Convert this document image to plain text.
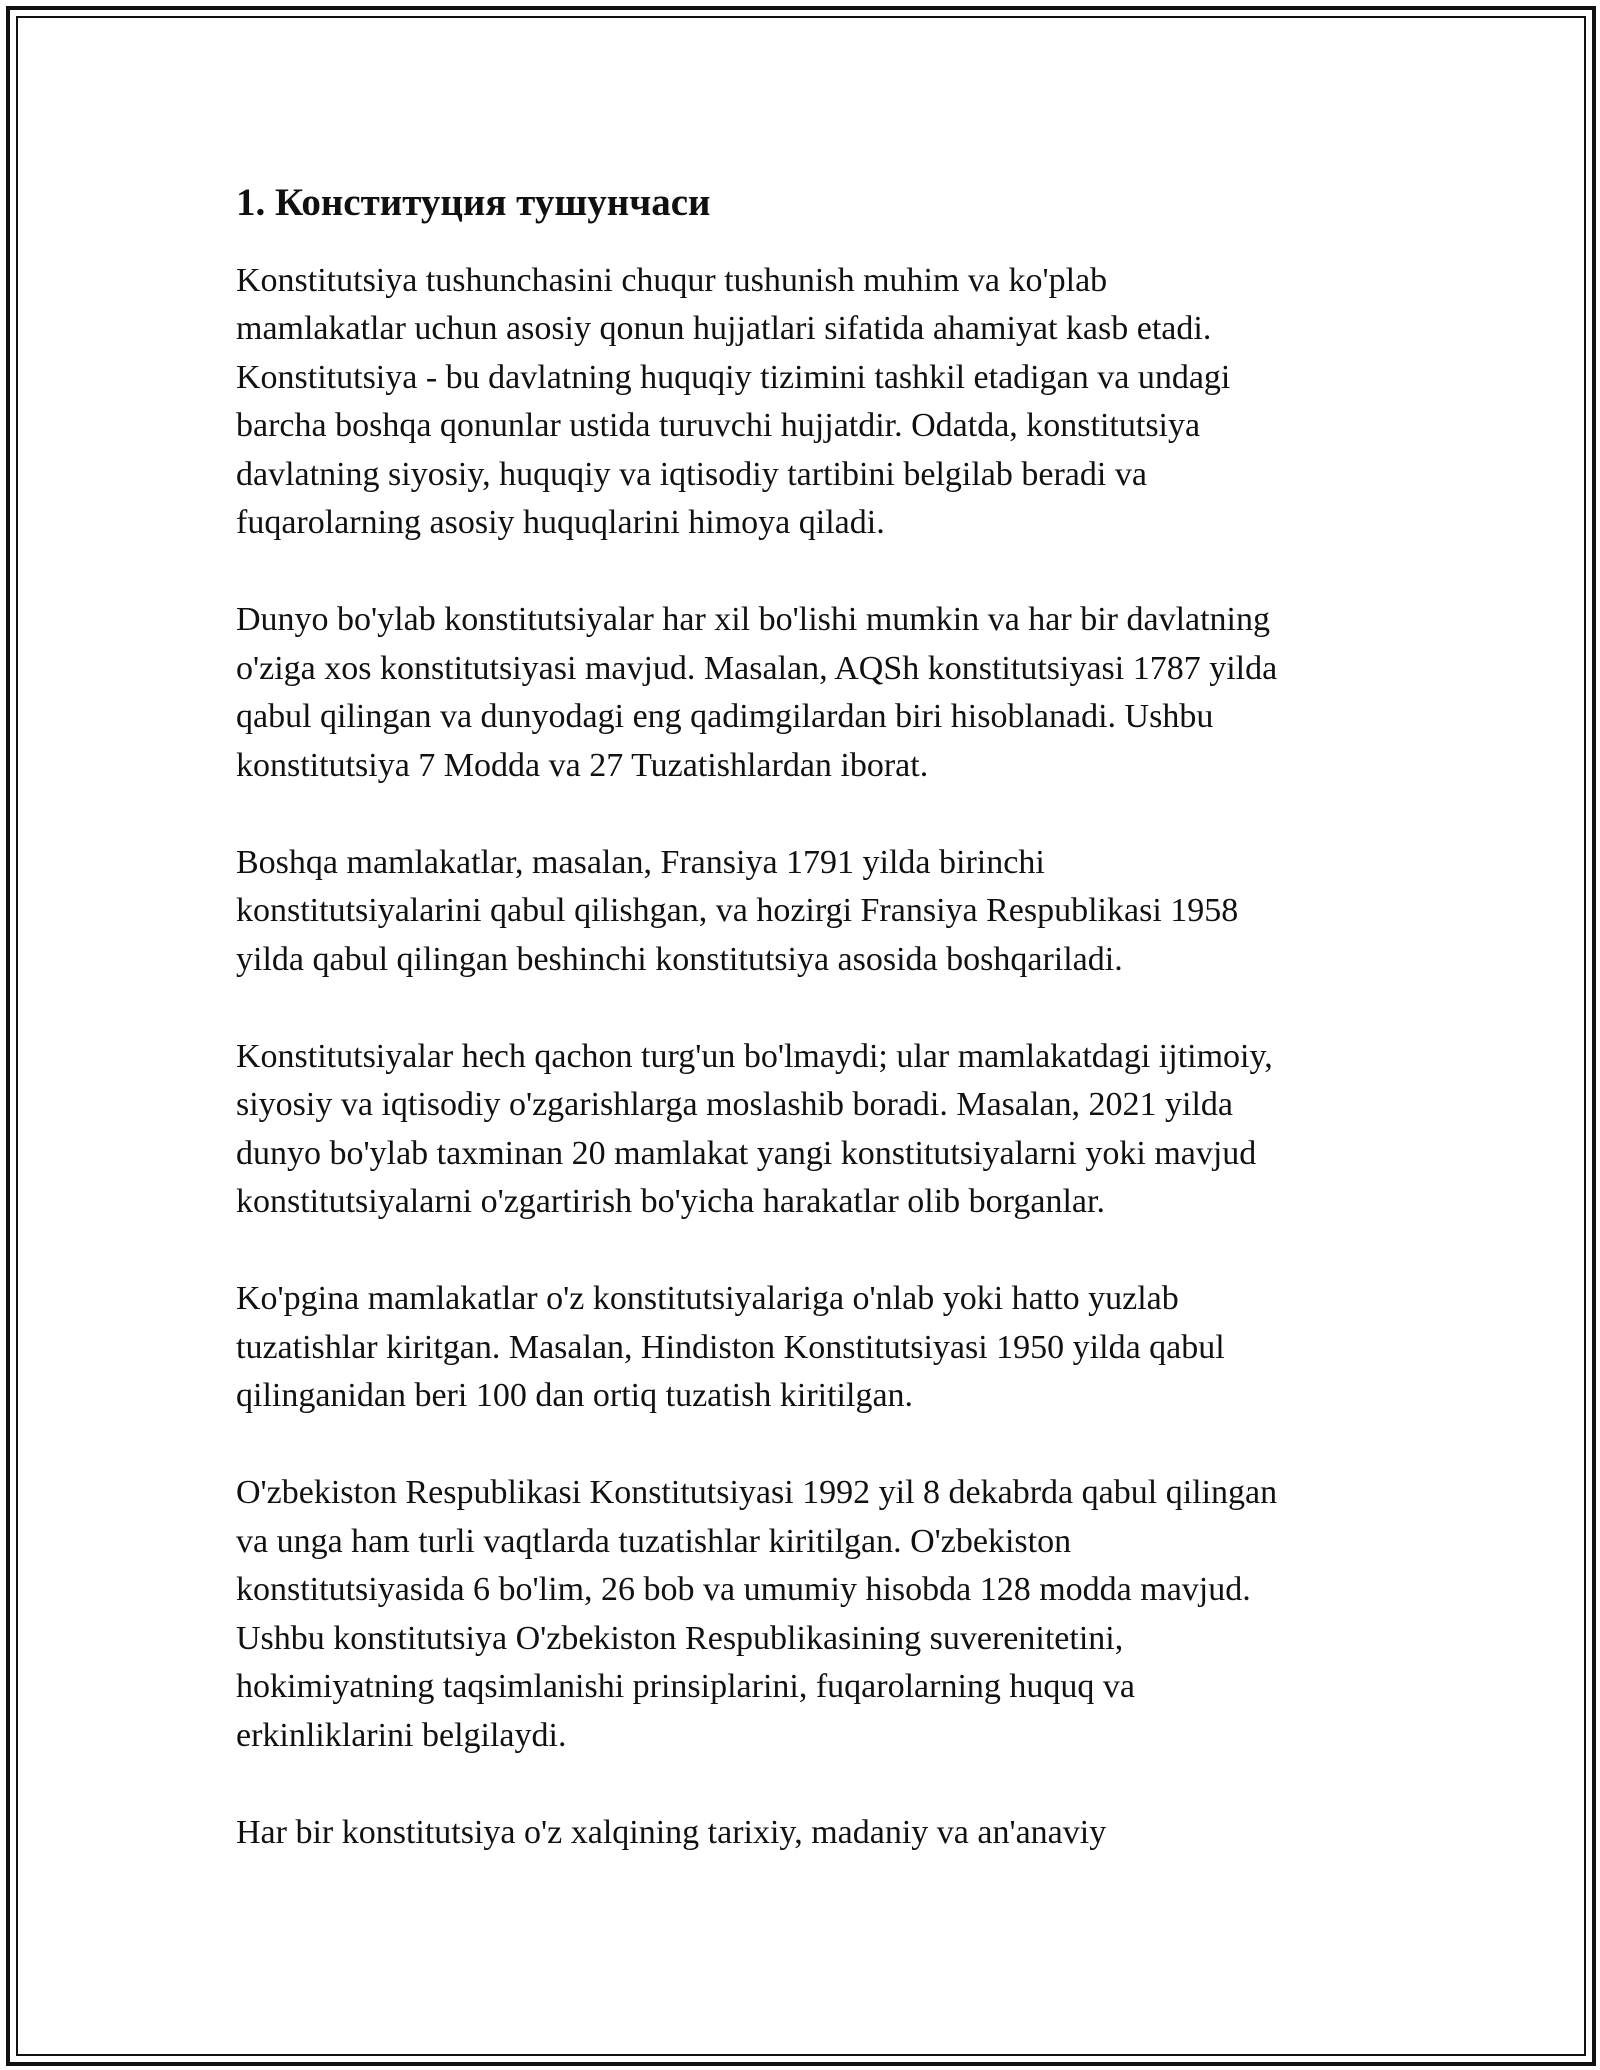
1. Конституция тушунчаси

Konstitutsiya tushunchasini chuqur tushunish muhim va ko'plab
mamlakatlar uchun asosiy qonun hujjatlari sifatida ahamiyat kasb etadi.
Konstitutsiya - bu davlatning huquqiy tizimini tashkil etadigan va undagi
barcha boshqa qonunlar ustida turuvchi hujjatdir. Odatda, konstitutsiya
davlatning siyosiy, huquqiy va iqtisodiy tartibini belgilab beradi va
fuqarolarning asosiy huquqlarini himoya qiladi.

Dunyo bo'ylab konstitutsiyalar har xil bo'lishi mumkin va har bir davlatning
o'ziga xos konstitutsiyasi mavjud. Masalan, AQSh konstitutsiyasi 1787 yilda
qabul qilingan va dunyodagi eng qadimgilardan biri hisoblanadi. Ushbu
konstitutsiya 7 Modda va 27 Tuzatishlardan iborat.

Boshqa mamlakatlar, masalan, Fransiya 1791 yilda birinchi
konstitutsiyalarini qabul qilishgan, va hozirgi Fransiya Respublikasi 1958
yilda qabul qilingan beshinchi konstitutsiya asosida boshqariladi.

Konstitutsiyalar hech qachon turg'un bo'lmaydi; ular mamlakatdagi ijtimoiy,
siyosiy va iqtisodiy o'zgarishlarga moslashib boradi. Masalan, 2021 yilda
dunyo bo'ylab taxminan 20 mamlakat yangi konstitutsiyalarni yoki mavjud
konstitutsiyalarni o'zgartirish bo'yicha harakatlar olib borganlar.

Ko'pgina mamlakatlar o'z konstitutsiyalariga o'nlab yoki hatto yuzlab
tuzatishlar kiritgan. Masalan, Hindiston Konstitutsiyasi 1950 yilda qabul
qilinganidan beri 100 dan ortiq tuzatish kiritilgan.

O'zbekiston Respublikasi Konstitutsiyasi 1992 yil 8 dekabrda qabul qilingan
va unga ham turli vaqtlarda tuzatishlar kiritilgan. O'zbekiston
konstitutsiyasida 6 bo'lim, 26 bob va umumiy hisobda 128 modda mavjud.
Ushbu konstitutsiya O'zbekiston Respublikasining suverenitetini,
hokimiyatning taqsimlanishi prinsiplarini, fuqarolarning huquq va
erkinliklarini belgilaydi.

Har bir konstitutsiya o'z xalqining tarixiy, madaniy va an'anaviy
